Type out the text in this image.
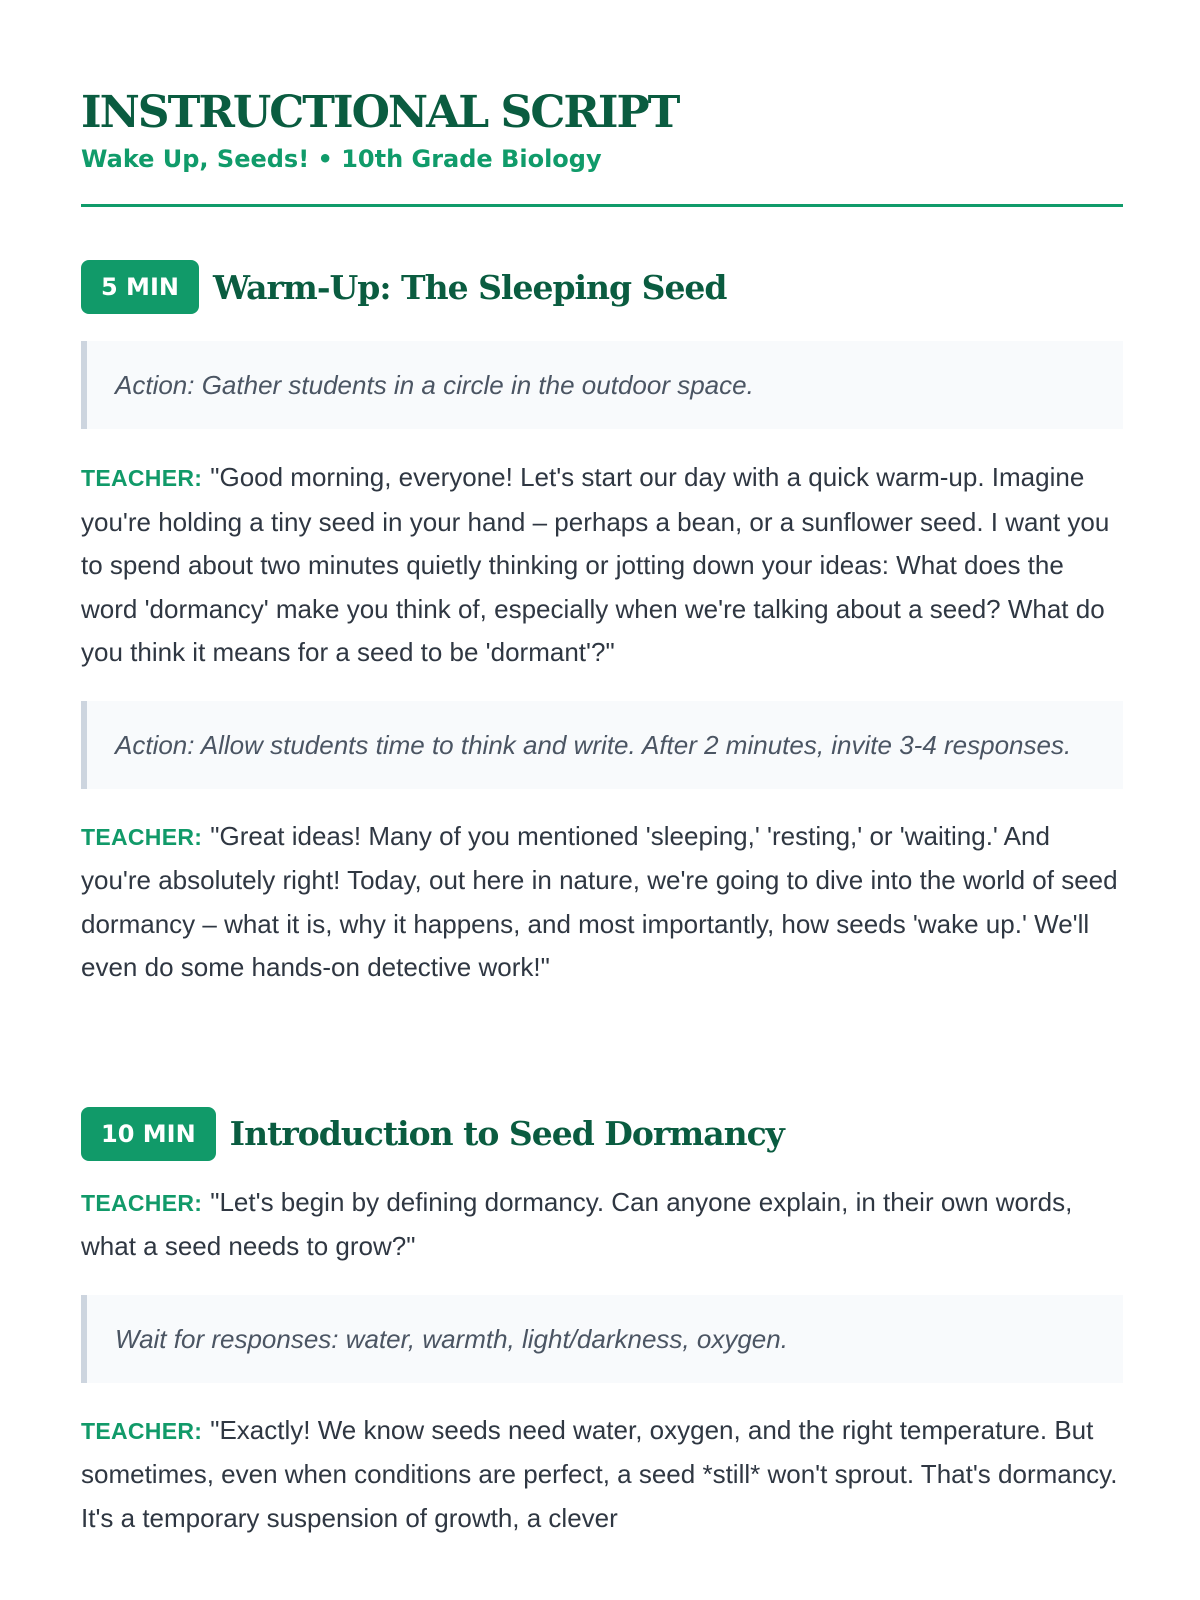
INSTRUCTIONAL SCRIPT
Wake Up, Seeds! • 10th Grade Biology
5 MIN	Warm-Up: The Sleeping Seed
Action: Gather students in a circle in the outdoor space.

TEACHER: "Good morning, everyone! Let's start our day with a quick warm-up. Imagine you're holding a tiny seed in your hand – perhaps a bean, or a sunflower seed. I want you to spend about two minutes quietly thinking or jotting down your ideas: What does the word 'dormancy' make you think of, especially when we're talking about a seed? What do you think it means for a seed to be 'dormant'?"

Action: Allow students time to think and write. After 2 minutes, invite 3-4 responses.

TEACHER: "Great ideas! Many of you mentioned 'sleeping,' 'resting,' or 'waiting.' And you're absolutely right! Today, out here in nature, we're going to dive into the world of seed dormancy – what it is, why it happens, and most importantly, how seeds 'wake up.' We'll even do some hands-on detective work!"

10 MIN	Introduction to Seed Dormancy

TEACHER: "Let's begin by defining dormancy. Can anyone explain, in their own words, what a seed needs to grow?"

Wait for responses: water, warmth, light/darkness, oxygen.

TEACHER: "Exactly! We know seeds need water, oxygen, and the right temperature. But sometimes, even when conditions are perfect, a seed *still* won't sprout. That's dormancy. It's a temporary suspension of growth, a clever
